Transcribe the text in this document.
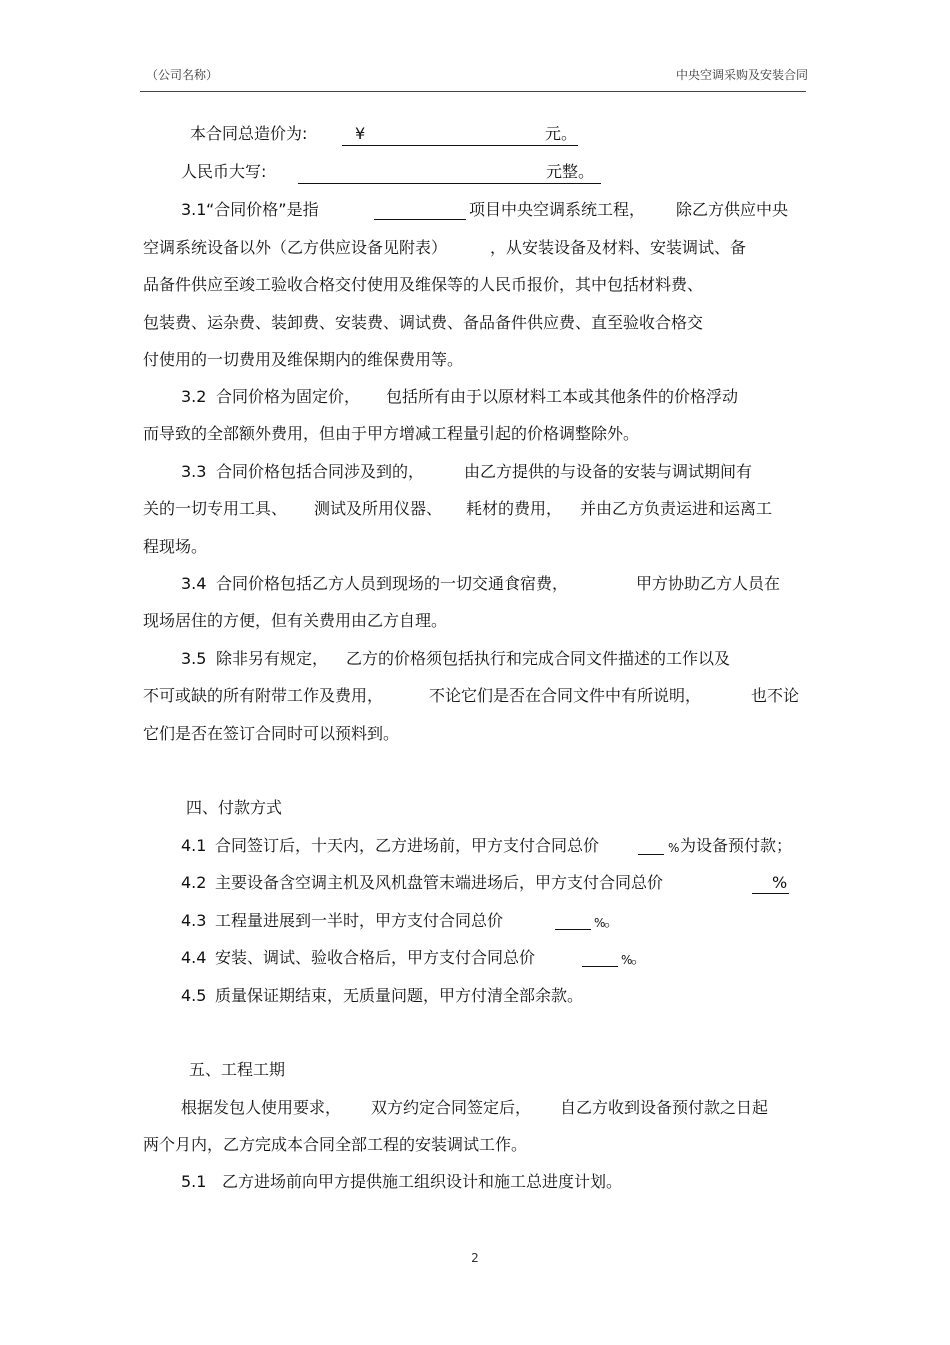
（公司名称）	中央空调采购及安装合同
本合同总造价为:	¥	元。
人民币大写:	元整。
3.1 “合同价格”是指	项目中央空调系统工程， 除乙方供应中央
空调系统设备以外（乙方供应设备见附表）	，从安装设备及材料、安装调试、备
品备件供应至竣工验收合格交付使用及维保等的人民币报价，其中包括材料费、
包装费、运杂费、装卸费、安装费、调试费、备品备件供应费、直至验收合格交
付使用的一切费用及维保期内的维保费用等。
3.2 合同价格为固定价， 包括所有由于以原材料工本或其他条件的价格浮动
而导致的全部额外费用，但由于甲方增减工程量引起的价格调整除外。
3.3 合同价格包括合同涉及到的， 由乙方提供的与设备的安装与调试期间有
关的一切专用工具、 测试及所用仪器、 耗材的费用， 并由乙方负责运进和运离工
程现场。
3.4 合同价格包括乙方人员到现场的一切交通食宿费，	甲方协助乙方人员在
现场居住的方便，但有关费用由乙方自理。
3.5 除非另有规定， 乙方的价格须包括执行和完成合同文件描述的工作以及
不可或缺的所有附带工作及费用，	不论它们是否在合同文件中有所说明，	也不论
它们是否在签订合同时可以预料到。
四、付款方式
4.1 合同签订后，十天内，乙方进场前，甲方支付合同总价	% 为设备预付款；
4.2 主要设备含空调主机及风机盘管末端进场后，甲方支付合同总价	%
4.3 工程量进展到一半时，甲方支付合同总价	%
。
4.4 安装、调试、验收合格后，甲方支付合同总价	%
。
4.5 质量保证期结束，无质量问题，甲方付清全部余款。
五、工程工期
根据发包人使用要求， 双方约定合同签定后， 自乙方收到设备预付款之日起
两个月内，乙方完成本合同全部工程的安装调试工作。
5.1 乙方进场前向甲方提供施工组织设计和施工总进度计划。
2
